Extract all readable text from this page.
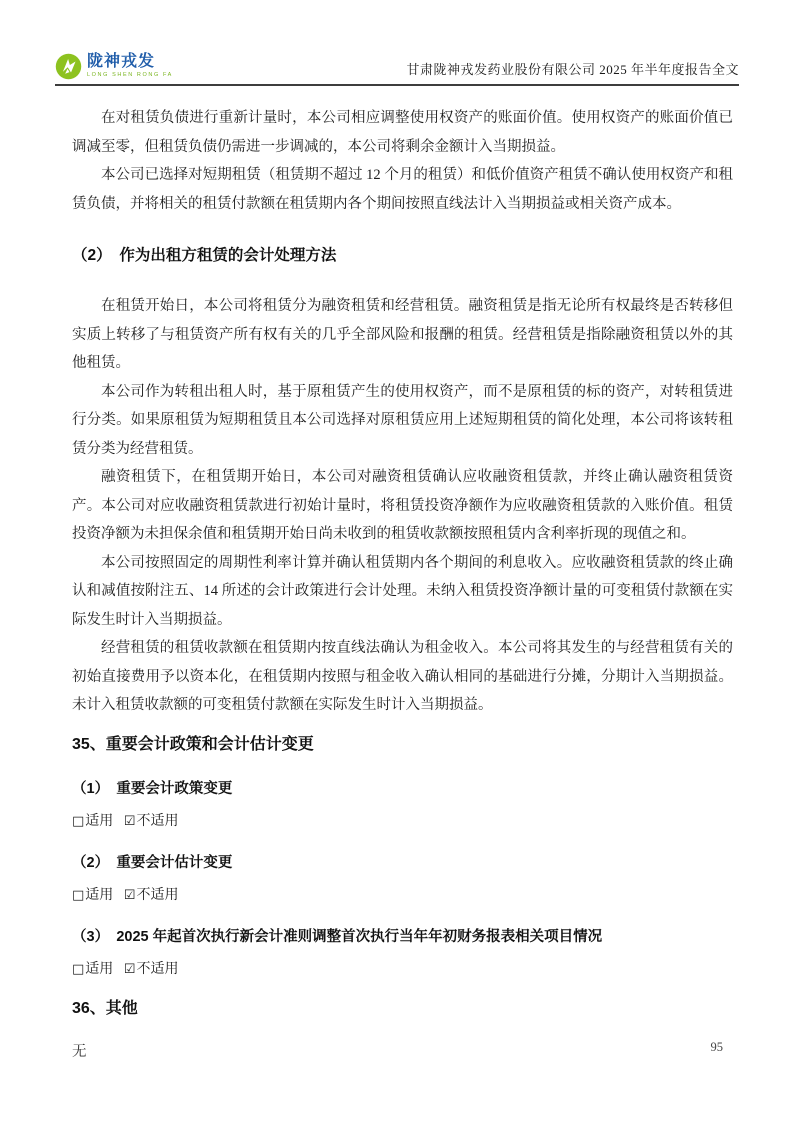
陇神戎发
LONG SHEN RONG FA	甘肃陇神戎发药业股份有限公司 2025 年半年度报告全文

在对租赁负债进行重新计量时，本公司相应调整使用权资产的账面价值。使用权资产的账面价值已调减至零，但租赁负债仍需进一步调减的，本公司将剩余金额计入当期损益。

本公司已选择对短期租赁（租赁期不超过 12 个月的租赁）和低价值资产租赁不确认使用权资产和租赁负债，并将相关的租赁付款额在租赁期内各个期间按照直线法计入当期损益或相关资产成本。

（2）　作为出租方租赁的会计处理方法

在租赁开始日，本公司将租赁分为融资租赁和经营租赁。融资租赁是指无论所有权最终是否转移但实质上转移了与租赁资产所有权有关的几乎全部风险和报酬的租赁。经营租赁是指除融资租赁以外的其他租赁。

本公司作为转租出租人时，基于原租赁产生的使用权资产，而不是原租赁的标的资产，对转租赁进行分类。如果原租赁为短期租赁且本公司选择对原租赁应用上述短期租赁的简化处理，本公司将该转租赁分类为经营租赁。

融资租赁下，在租赁期开始日，本公司对融资租赁确认应收融资租赁款，并终止确认融资租赁资产。本公司对应收融资租赁款进行初始计量时，将租赁投资净额作为应收融资租赁款的入账价值。租赁投资净额为未担保余值和租赁期开始日尚未收到的租赁收款额按照租赁内含利率折现的现值之和。

本公司按照固定的周期性利率计算并确认租赁期内各个期间的利息收入。应收融资租赁款的终止确认和减值按附注五、14 所述的会计政策进行会计处理。未纳入租赁投资净额计量的可变租赁付款额在实际发生时计入当期损益。

经营租赁的租赁收款额在租赁期内按直线法确认为租金收入。本公司将其发生的与经营租赁有关的初始直接费用予以资本化，在租赁期内按照与租金收入确认相同的基础进行分摊，分期计入当期损益。未计入租赁收款额的可变租赁付款额在实际发生时计入当期损益。

35、重要会计政策和会计估计变更
（1）　重要会计政策变更
□ 适用
☑ 不适用
（2）　重要会计估计变更
□ 适用
☑ 不适用
（3）　2025 年起首次执行新会计准则调整首次执行当年年初财务报表相关项目情况
□ 适用
☑ 不适用
36、其他
无	95
